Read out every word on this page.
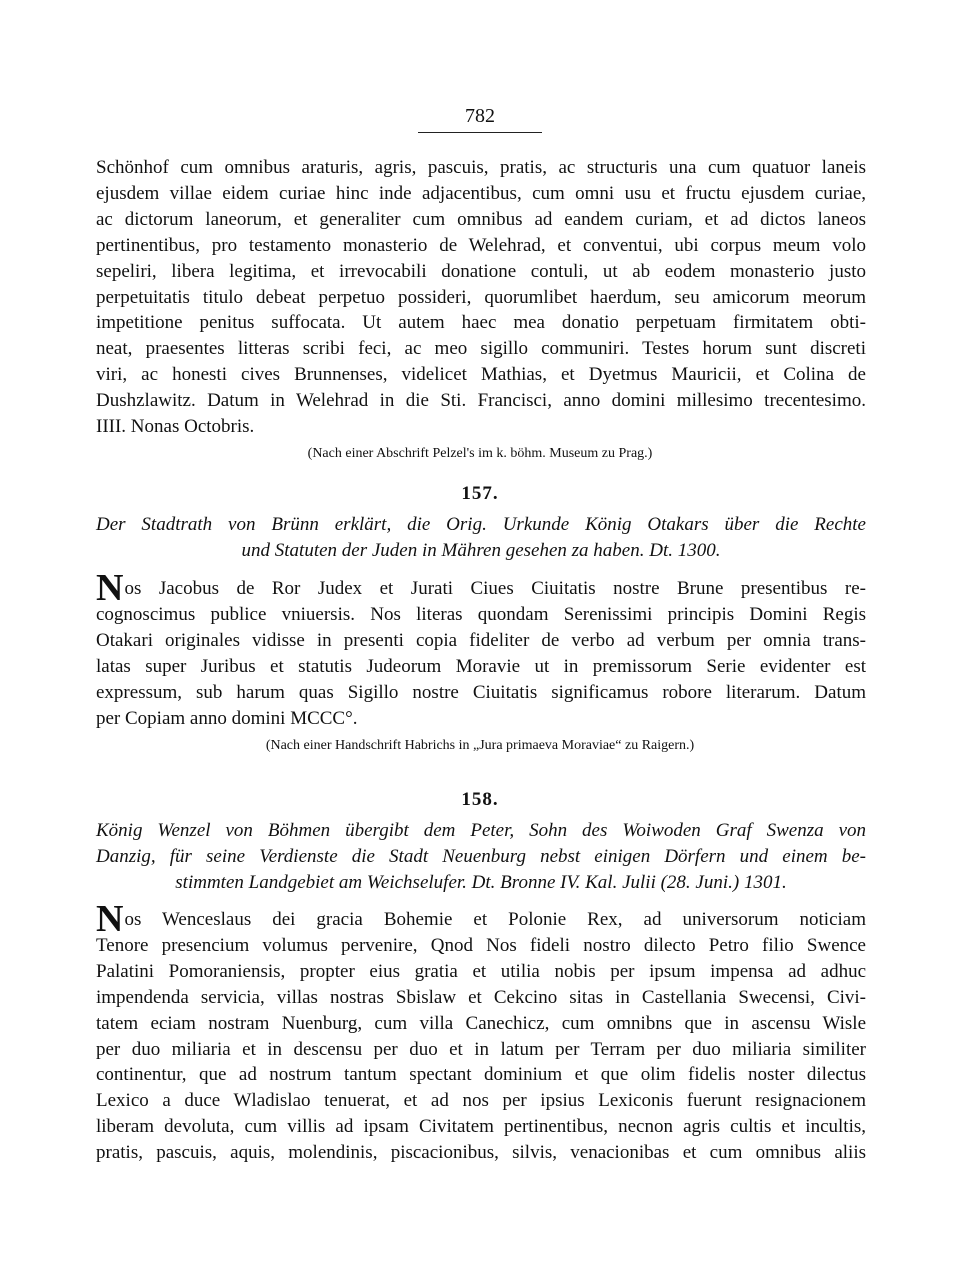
782
Schönhof cum omnibus araturis, agris, pascuis, pratis, ac structuris una cum quatuor laneis
ejusdem villae eidem curiae hinc inde adjacentibus, cum omni usu et fructu ejusdem curiae,
ac dictorum laneorum, et generaliter cum omnibus ad eandem curiam, et ad dictos laneos
pertinentibus, pro testamento monasterio de Welehrad, et conventui, ubi corpus meum volo
sepeliri, libera legitima, et irrevocabili donatione contuli, ut ab eodem monasterio justo
perpetuitatis titulo debeat perpetuo possideri, quorumlibet haerdum, seu amicorum meorum
impetitione penitus suffocata. Ut autem haec mea donatio perpetuam firmitatem obti-
neat, praesentes litteras scribi feci, ac meo sigillo communiri. Testes horum sunt discreti
viri, ac honesti cives Brunnenses, videlicet Mathias, et Dyetmus Mauricii, et Colina de
Dushzlawitz. Datum in Welehrad in die Sti. Francisci, anno domini millesimo trecentesimo.
IIII. Nonas Octobris.
(Nach einer Abschrift Pelzel's im k. böhm. Museum zu Prag.)
157.
Der Stadtrath von Brünn erklärt, die Orig. Urkunde König Otakars über die Rechte
und Statuten der Juden in Mähren gesehen za haben. Dt. 1300.
Nos Jacobus de Ror Judex et Jurati Ciues Ciuitatis nostre Brune presentibus re-
cognoscimus publice vniuersis. Nos literas quondam Serenissimi principis Domini Regis
Otakari originales vidisse in presenti copia fideliter de verbo ad verbum per omnia trans-
latas super Juribus et statutis Judeorum Moravie ut in premissorum Serie evidenter est
expressum, sub harum quas Sigillo nostre Ciuitatis significamus robore literarum. Datum
per Copiam anno domini MCCC°.
(Nach einer Handschrift Habrichs in „Jura primaeva Moraviae“ zu Raigern.)
158.
König Wenzel von Böhmen übergibt dem Peter, Sohn des Woiwoden Graf Swenza von
Danzig, für seine Verdienste die Stadt Neuenburg nebst einigen Dörfern und einem be-
stimmten Landgebiet am Weichselufer. Dt. Bronne IV. Kal. Julii (28. Juni.) 1301.
Nos Wenceslaus dei gracia Bohemie et Polonie Rex, ad universorum noticiam
Tenore presencium volumus pervenire, Qnod Nos fideli nostro dilecto Petro filio Swence
Palatini Pomoraniensis, propter eius gratia et utilia nobis per ipsum impensa ad adhuc
impendenda servicia, villas nostras Sbislaw et Cekcino sitas in Castellania Swecensi, Civi-
tatem eciam nostram Nuenburg, cum villa Canechicz, cum omnibns que in ascensu Wisle
per duo miliaria et in descensu per duo et in latum per Terram per duo miliaria similiter
continentur, que ad nostrum tantum spectant dominium et que olim fidelis noster dilectus
Lexico a duce Wladislao tenuerat, et ad nos per ipsius Lexiconis fuerunt resignacionem
liberam devoluta, cum villis ad ipsam Civitatem pertinentibus, necnon agris cultis et incultis,
pratis, pascuis, aquis, molendinis, piscacionibus, silvis, venacionibas et cum omnibus aliis
